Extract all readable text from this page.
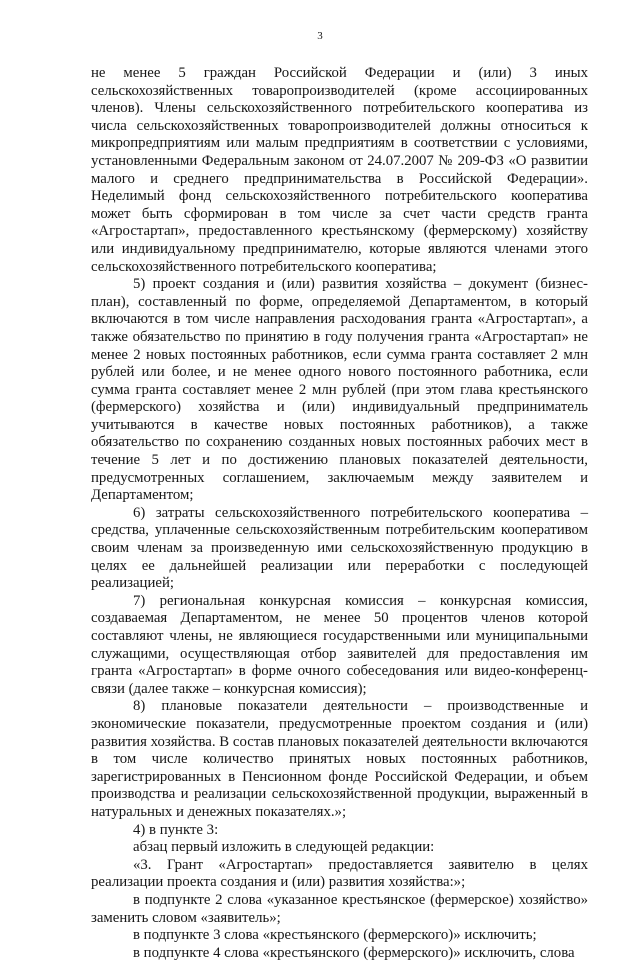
3

не менее 5 граждан Российской Федерации и (или) 3 иных сельскохозяйственных товаропроизводителей (кроме ассоциированных членов). Члены сельскохозяйственного потребительского кооператива из числа сельскохозяйственных товаропроизводителей должны относиться к микропредприятиям или малым предприятиям в соответствии с условиями, установленными Федеральным законом от 24.07.2007 № 209-ФЗ «О развитии малого и среднего предпринимательства в Российской Федерации». Неделимый фонд сельскохозяйственного потребительского кооператива может быть сформирован в том числе за счет части средств гранта «Агростартап», предоставленного крестьянскому (фермерскому) хозяйству или индивидуальному предпринимателю, которые являются членами этого сельскохозяйственного потребительского кооператива;

5) проект создания и (или) развития хозяйства – документ (бизнес-план), составленный по форме, определяемой Департаментом, в который включаются в том числе направления расходования гранта «Агростартап», а также обязательство по принятию в году получения гранта «Агростартап» не менее 2 новых постоянных работников, если сумма гранта составляет 2 млн рублей или более, и не менее одного нового постоянного работника, если сумма гранта составляет менее 2 млн рублей (при этом глава крестьянского (фермерского) хозяйства и (или) индивидуальный предприниматель учитываются в качестве новых постоянных работников), а также обязательство по сохранению созданных новых постоянных рабочих мест в течение 5 лет и по достижению плановых показателей деятельности, предусмотренных соглашением, заключаемым между заявителем и Департаментом;

6) затраты сельскохозяйственного потребительского кооператива – средства, уплаченные сельскохозяйственным потребительским кооперативом своим членам за произведенную ими сельскохозяйственную продукцию в целях ее дальнейшей реализации или переработки с последующей реализацией;

7) региональная конкурсная комиссия – конкурсная комиссия, создаваемая Департаментом, не менее 50 процентов членов которой составляют члены, не являющиеся государственными или муниципальными служащими, осуществляющая отбор заявителей для предоставления им гранта «Агростартап» в форме очного собеседования или видео-конференц-связи (далее также – конкурсная комиссия);

8) плановые показатели деятельности – производственные и экономические показатели, предусмотренные проектом создания и (или) развития хозяйства. В состав плановых показателей деятельности включаются в том числе количество принятых новых постоянных работников, зарегистрированных в Пенсионном фонде Российской Федерации, и объем производства и реализации сельскохозяйственной продукции, выраженный в натуральных и денежных показателях.»;

4) в пункте 3:

абзац первый изложить в следующей редакции:

«3. Грант «Агростартап» предоставляется заявителю в целях реализации проекта создания и (или) развития хозяйства:»;

в подпункте 2 слова «указанное крестьянское (фермерское) хозяйство» заменить словом «заявитель»;

в подпункте 3 слова «крестьянского (фермерского)» исключить;

в подпункте 4 слова «крестьянского (фермерского)» исключить, слова
